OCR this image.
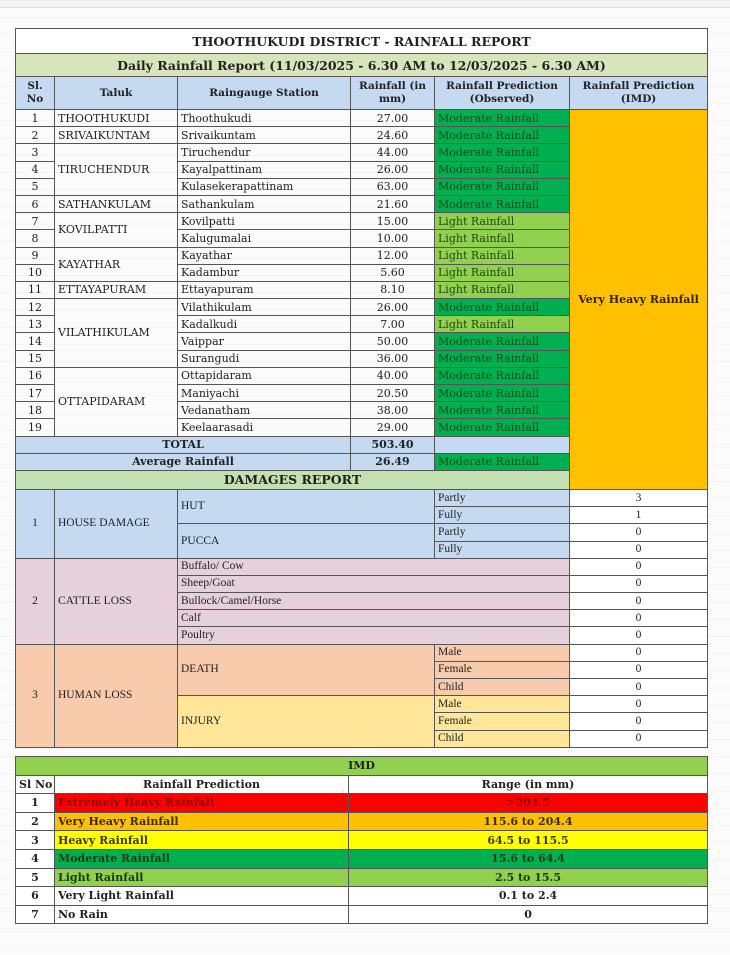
THOOTHUKUDI DISTRICT - RAINFALL REPORT						
Daily Rainfall Report (11/03/2025 - 6.30 AM to 12/03/2025 - 6.30 AM)						
Sl. No	Taluk	Raingauge Station	Rainfall (in mm)	Rainfall Prediction (Observed)	Rainfall Prediction (IMD)	
1	THOOTHUKUDI	Thoothukudi	27.00	Moderate Rainfall	Very Heavy Rainfall	
2	SRIVAIKUNTAM	Srivaikuntam	24.60	Moderate Rainfall		
3	TIRUCHENDUR	Tiruchendur	44.00	Moderate Rainfall		
4		Kayalpattinam	26.00	Moderate Rainfall		
5		Kulasekerapattinam	63.00	Moderate Rainfall		
6	SATHANKULAM	Sathankulam	21.60	Moderate Rainfall		
7	KOVILPATTI	Kovilpatti	15.00	Light Rainfall		
8		Kalugumalai	10.00	Light Rainfall		
9	KAYATHAR	Kayathar	12.00	Light Rainfall		
10		Kadambur	5.60	Light Rainfall		
11	ETTAYAPURAM	Ettayapuram	8.10	Light Rainfall		
12	VILATHIKULAM	Vilathikulam	26.00	Moderate Rainfall		
13		Kadalkudi	7.00	Light Rainfall		
14		Vaippar	50.00	Moderate Rainfall		
15		Surangudi	36.00	Moderate Rainfall		
16	OTTAPIDARAM	Ottapidaram	40.00	Moderate Rainfall		
17		Maniyachi	20.50	Moderate Rainfall		
18		Vedanatham	38.00	Moderate Rainfall		
19		Keelaarasadi	29.00	Moderate Rainfall		
TOTAL			503.40			
Average Rainfall			26.49	Moderate Rainfall		
DAMAGES REPORT						
1	HOUSE DAMAGE	HUT		Partly	3	
				Fully	1	
		PUCCA		Partly	0	
				Fully	0	
2	CATTLE LOSS	Buffalo/ Cow			0	
		Sheep/Goat			0	
		Bullock/Camel/Horse			0	
		Calf			0	
		Poultry			0	
3	HUMAN LOSS	DEATH		Male	0	
				Female	0	
				Child	0	
		INJURY		Male	0	
				Female	0	
				Child	0	
IMD		
Sl No	Rainfall Prediction	Range (in mm)
1	Extremely Heavy Rainfall	>204.5
2	Very Heavy Rainfall	115.6 to 204.4
3	Heavy Rainfall	64.5 to 115.5
4	Moderate Rainfall	15.6 to 64.4
5	Light Rainfall	2.5 to 15.5
6	Very Light Rainfall	0.1 to 2.4
7	No Rain	0
